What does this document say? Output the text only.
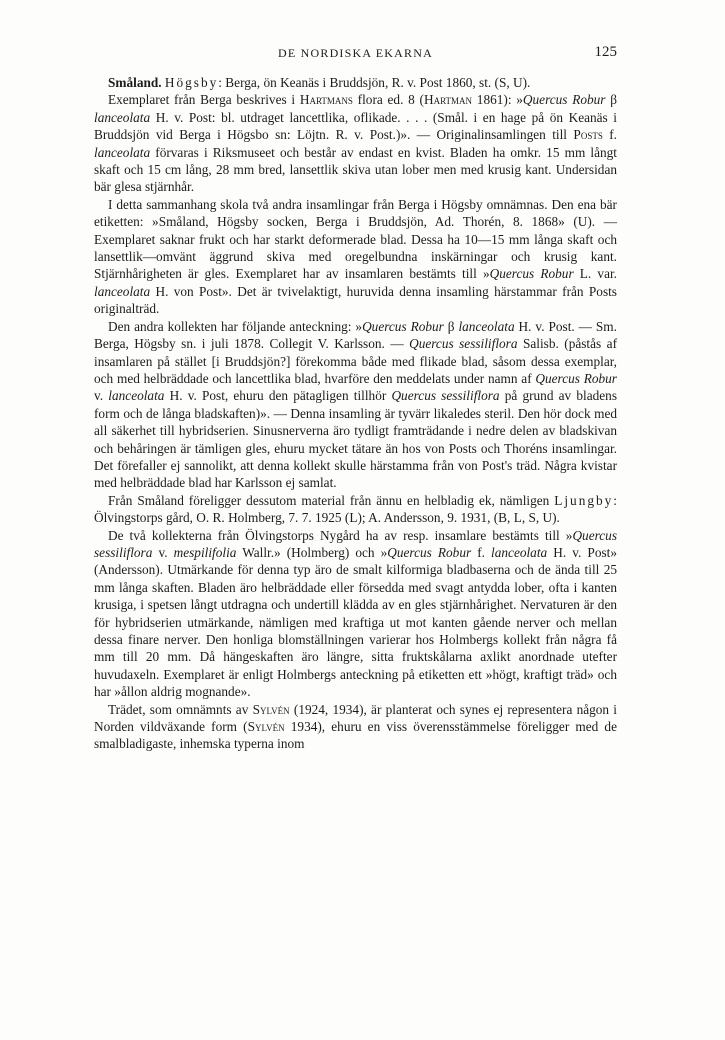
DE NORDISKA EKARNA	125

Småland. Högsby: Berga, ön Keanäs i Bruddsjön, R. v. Post 1860, st. (S, U).

Exemplaret från Berga beskrives i Hartmans flora ed. 8 (Hartman 1861): »Quercus Robur β lanceolata H. v. Post: bl. utdraget lancettlika, oflikade. . . . (Smål. i en hage på ön Keanäs i Bruddsjön vid Berga i Högsbo sn: Löjtn. R. v. Post.)». — Originalinsamlingen till Posts f. lanceolata förvaras i Riksmuseet och består av endast en kvist. Bladen ha omkr. 15 mm långt skaft och 15 cm lång, 28 mm bred, lansettlik skiva utan lober men med krusig kant. Undersidan bär glesa stjärnhår.

I detta sammanhang skola två andra insamlingar från Berga i Högsby omnämnas. Den ena bär etiketten: »Småland, Högsby socken, Berga i Bruddsjön, Ad. Thorén, 8. 1868» (U). — Exemplaret saknar frukt och har starkt deformerade blad. Dessa ha 10—15 mm långa skaft och lansettlik—omvänt äggrund skiva med oregelbundna inskärningar och krusig kant. Stjärnhårigheten är gles. Exemplaret har av insamlaren bestämts till »Quercus Robur L. var. lanceolata H. von Post». Det är tvivelaktigt, huruvida denna insamling härstammar från Posts originalträd.

Den andra kollekten har följande anteckning: »Quercus Robur β lanceolata H. v. Post. — Sm. Berga, Högsby sn. i juli 1878. Collegit V. Karlsson. — Quercus sessiliflora Salisb. (påstås af insamlaren på stället [i Bruddsjön?] förekomma både med flikade blad, såsom dessa exemplar, och med helbräddade och lancettlika blad, hvarföre den meddelats under namn af Quercus Robur v. lanceolata H. v. Post, ehuru den pätagligen tillhör Quercus sessiliflora på grund av bladens form och de långa bladskaften)». — Denna insamling är tyvärr likaledes steril. Den hör dock med all säkerhet till hybridserien. Sinusnerverna äro tydligt framträdande i nedre delen av bladskivan och behåringen är tämligen gles, ehuru mycket tätare än hos von Posts och Thoréns insamlingar. Det förefaller ej sannolikt, att denna kollekt skulle härstamma från von Post's träd. Några kvistar med helbräddade blad har Karlsson ej samlat.

Från Småland föreligger dessutom material från ännu en helbladig ek, nämligen Ljungby: Ölvingstorps gård, O. R. Holmberg, 7. 7. 1925 (L); A. Andersson, 9. 1931, (B, L, S, U).

De två kollekterna från Ölvingstorps Nygård ha av resp. insamlare bestämts till »Quercus sessiliflora v. mespilifolia Wallr.» (Holmberg) och »Quercus Robur f. lanceolata H. v. Post» (Andersson). Utmärkande för denna typ äro de smalt kilformiga bladbaserna och de ända till 25 mm långa skaften. Bladen äro helbräddade eller försedda med svagt antydda lober, ofta i kanten krusiga, i spetsen långt utdragna och undertill klädda av en gles stjärnhårighet. Nervaturen är den för hybridserien utmärkande, nämligen med kraftiga ut mot kanten gående nerver och mellan dessa finare nerver. Den honliga blomställningen varierar hos Holmbergs kollekt från några få mm till 20 mm. Då hängeskaften äro längre, sitta fruktskålarna axlikt anordnade utefter huvudaxeln. Exemplaret är enligt Holmbergs anteckning på etiketten ett »högt, kraftigt träd» och har »ållon aldrig mognande».

Trädet, som omnämnts av Sylvén (1924, 1934), är planterat och synes ej representera någon i Norden vildväxande form (Sylvén 1934), ehuru en viss överensstämmelse föreligger med de smalbladigaste, inhemska typerna inom
